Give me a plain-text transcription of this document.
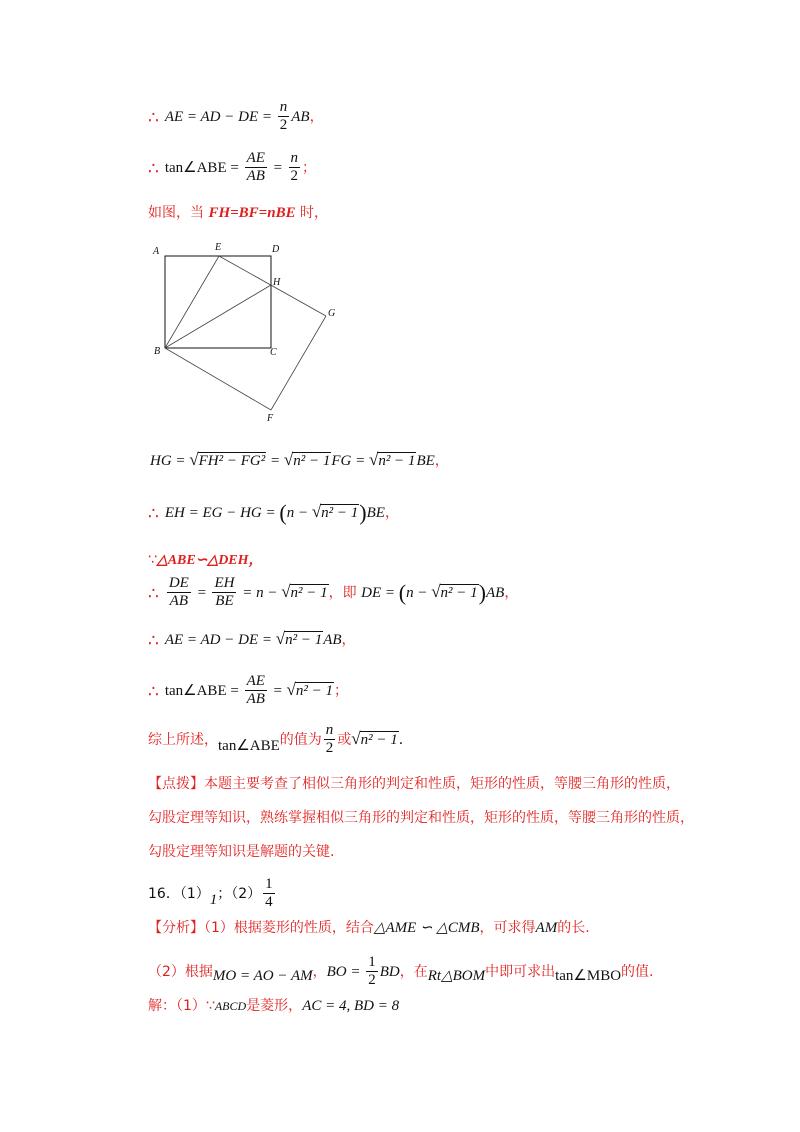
∴ AE = AD − DE = $\frac{n}{2}$ AB，
∴ tan∠ABE = $\frac{AE}{AB} = \frac{n}{2}$ ；
如图，当 FH=BF=nBE 时，
A	E	D
H
G
B	C
F
HG = √FH² − FG² = √n² − 1FG = √n² − 1BE，
∴ EH = EG − HG = (n − √n² − 1)BE，
∵△ABE∽△DEH，
∴ $\frac{DE}{AB} = \frac{EH}{BE} = n - √n^2 - 1$，即 DE = (n − √n² − 1)AB，
∴ AE = AD − DE = √n² − 1AB，
∴ tan∠ABE = $\frac{AE}{AB} = √n^2 - 1$；
综上所述，tan∠ABE的值为 $\frac{n}{2}$ 或√n² − 1．
【点拨】本题主要考查了相似三角形的判定和性质，矩形的性质，等腰三角形的性质，
勾股定理等知识，熟练掌握相似三角形的判定和性质，矩形的性质，等腰三角形的性质，
勾股定理等知识是解题的关键.
16．（1）1；$(2) \frac{1}{4}$
【分析】（1）根据菱形的性质，结合△AME ∽ △CMB，可求得AM的长.
（2）根据MO = AO − AM，BO = $\frac{1}{2}$ BD，在Rt△BOM中即可求出tan∠MBO的值.
解：（1）∵ABCD是菱形，AC = 4, BD = 8
